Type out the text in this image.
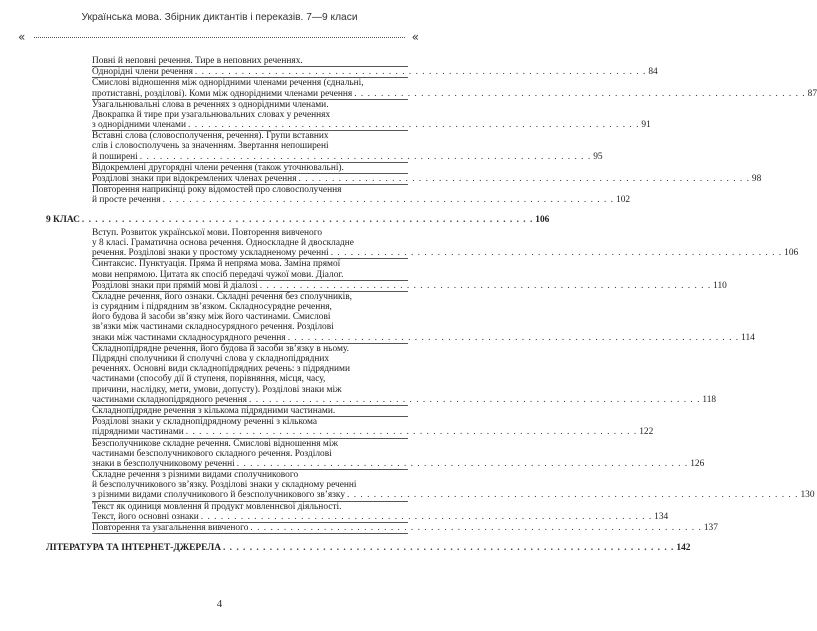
Українська мова. Збірник диктантів і переказів. 7—9 класи
«	«
Повні й неповні речення. Тире в неповних реченнях.
Однорідні члени речення . . . . . . . . . . . . . . . . . . . . . . . . . . . . . . . . . . . . . . . . . . . . . . . . . . . . . . . . . . . . . . . . . . . . 84
Смислові відношення між однорідними членами речення (єднальні,
протиставні, розділові). Коми між однорідними членами речення . . . . . . . . . . . . . . . . . . . . . . . . . . . . . . . . . . . . . . . . . . . . . . . . . . . . . . . . . . . . . . . . . . . . 87
Узагальнювальні слова в реченнях з однорідними членами.
Двокрапка й тире при узагальнювальних словах у реченнях
з однорідними членами . . . . . . . . . . . . . . . . . . . . . . . . . . . . . . . . . . . . . . . . . . . . . . . . . . . . . . . . . . . . . . . . . . . . 91
Вставні слова (словосполучення, речення). Групи вставних
слів і словосполучень за значенням. Звертання непоширені
й поширені . . . . . . . . . . . . . . . . . . . . . . . . . . . . . . . . . . . . . . . . . . . . . . . . . . . . . . . . . . . . . . . . . . . . 95
Відокремлені другорядні члени речення (також уточнювальні).
Розділові знаки при відокремлених членах речення . . . . . . . . . . . . . . . . . . . . . . . . . . . . . . . . . . . . . . . . . . . . . . . . . . . . . . . . . . . . . . . . . . . . 98
Повторення наприкінці року відомостей про словосполучення
й просте речення . . . . . . . . . . . . . . . . . . . . . . . . . . . . . . . . . . . . . . . . . . . . . . . . . . . . . . . . . . . . . . . . . . . . 102
9 КЛАС . . . . . . . . . . . . . . . . . . . . . . . . . . . . . . . . . . . . . . . . . . . . . . . . . . . . . . . . . . . . . . . . . . . . 106
Вступ. Розвиток української мови. Повторення вивченого
у 8 класі. Граматична основа речення. Односкладне й двоскладне
речення. Розділові знаки у простому ускладненому реченні . . . . . . . . . . . . . . . . . . . . . . . . . . . . . . . . . . . . . . . . . . . . . . . . . . . . . . . . . . . . . . . . . . . . 106
Синтаксис. Пунктуація. Пряма й непряма мова. Заміна прямої
мови непрямою. Цитата як спосіб передачі чужої мови. Діалог.
Розділові знаки при прямій мові й діалозі . . . . . . . . . . . . . . . . . . . . . . . . . . . . . . . . . . . . . . . . . . . . . . . . . . . . . . . . . . . . . . . . . . . . 110
Складне речення, його ознаки. Складні речення без сполучників,
із сурядним і підрядним зв’язком. Складносурядне речення,
його будова й засоби зв’язку між його частинами. Смислові
зв’язки між частинами складносурядного речення. Розділові
знаки між частинами складносурядного речення . . . . . . . . . . . . . . . . . . . . . . . . . . . . . . . . . . . . . . . . . . . . . . . . . . . . . . . . . . . . . . . . . . . . 114
Складнопідрядне речення, його будова й засоби зв’язку в ньому.
Підрядні сполучники й сполучні слова у складнопідрядних
реченнях. Основні види складнопідрядних речень: з підрядними
частинами (способу дії й ступеня, порівняння, місця, часу,
причини, наслідку, мети, умови, допусту). Розділові знаки між
частинами складнопідрядного речення . . . . . . . . . . . . . . . . . . . . . . . . . . . . . . . . . . . . . . . . . . . . . . . . . . . . . . . . . . . . . . . . . . . . 118
Складнопідрядне речення з кількома підрядними частинами.
Розділові знаки у складнопідрядному реченні з кількома
підрядними частинами . . . . . . . . . . . . . . . . . . . . . . . . . . . . . . . . . . . . . . . . . . . . . . . . . . . . . . . . . . . . . . . . . . . . 122
Безсполучникове складне речення. Смислові відношення між
частинами безсполучникового складного речення. Розділові
знаки в безсполучниковому реченні . . . . . . . . . . . . . . . . . . . . . . . . . . . . . . . . . . . . . . . . . . . . . . . . . . . . . . . . . . . . . . . . . . . . 126
Складне речення з різними видами сполучникового
й безсполучникового зв’язку. Розділові знаки у складному реченні
з різними видами сполучникового й безсполучникового зв’язку . . . . . . . . . . . . . . . . . . . . . . . . . . . . . . . . . . . . . . . . . . . . . . . . . . . . . . . . . . . . . . . . . . . . 130
Текст як одиниця мовлення й продукт мовленнєвої діяльності.
Текст, його основні ознаки . . . . . . . . . . . . . . . . . . . . . . . . . . . . . . . . . . . . . . . . . . . . . . . . . . . . . . . . . . . . . . . . . . . . 134
Повторення та узагальнення вивченого . . . . . . . . . . . . . . . . . . . . . . . . . . . . . . . . . . . . . . . . . . . . . . . . . . . . . . . . . . . . . . . . . . . . 137
ЛІТЕРАТУРА ТА ІНТЕРНЕТ-ДЖЕРЕЛА . . . . . . . . . . . . . . . . . . . . . . . . . . . . . . . . . . . . . . . . . . . . . . . . . . . . . . . . . . . . . . . . . . . . 142
4
